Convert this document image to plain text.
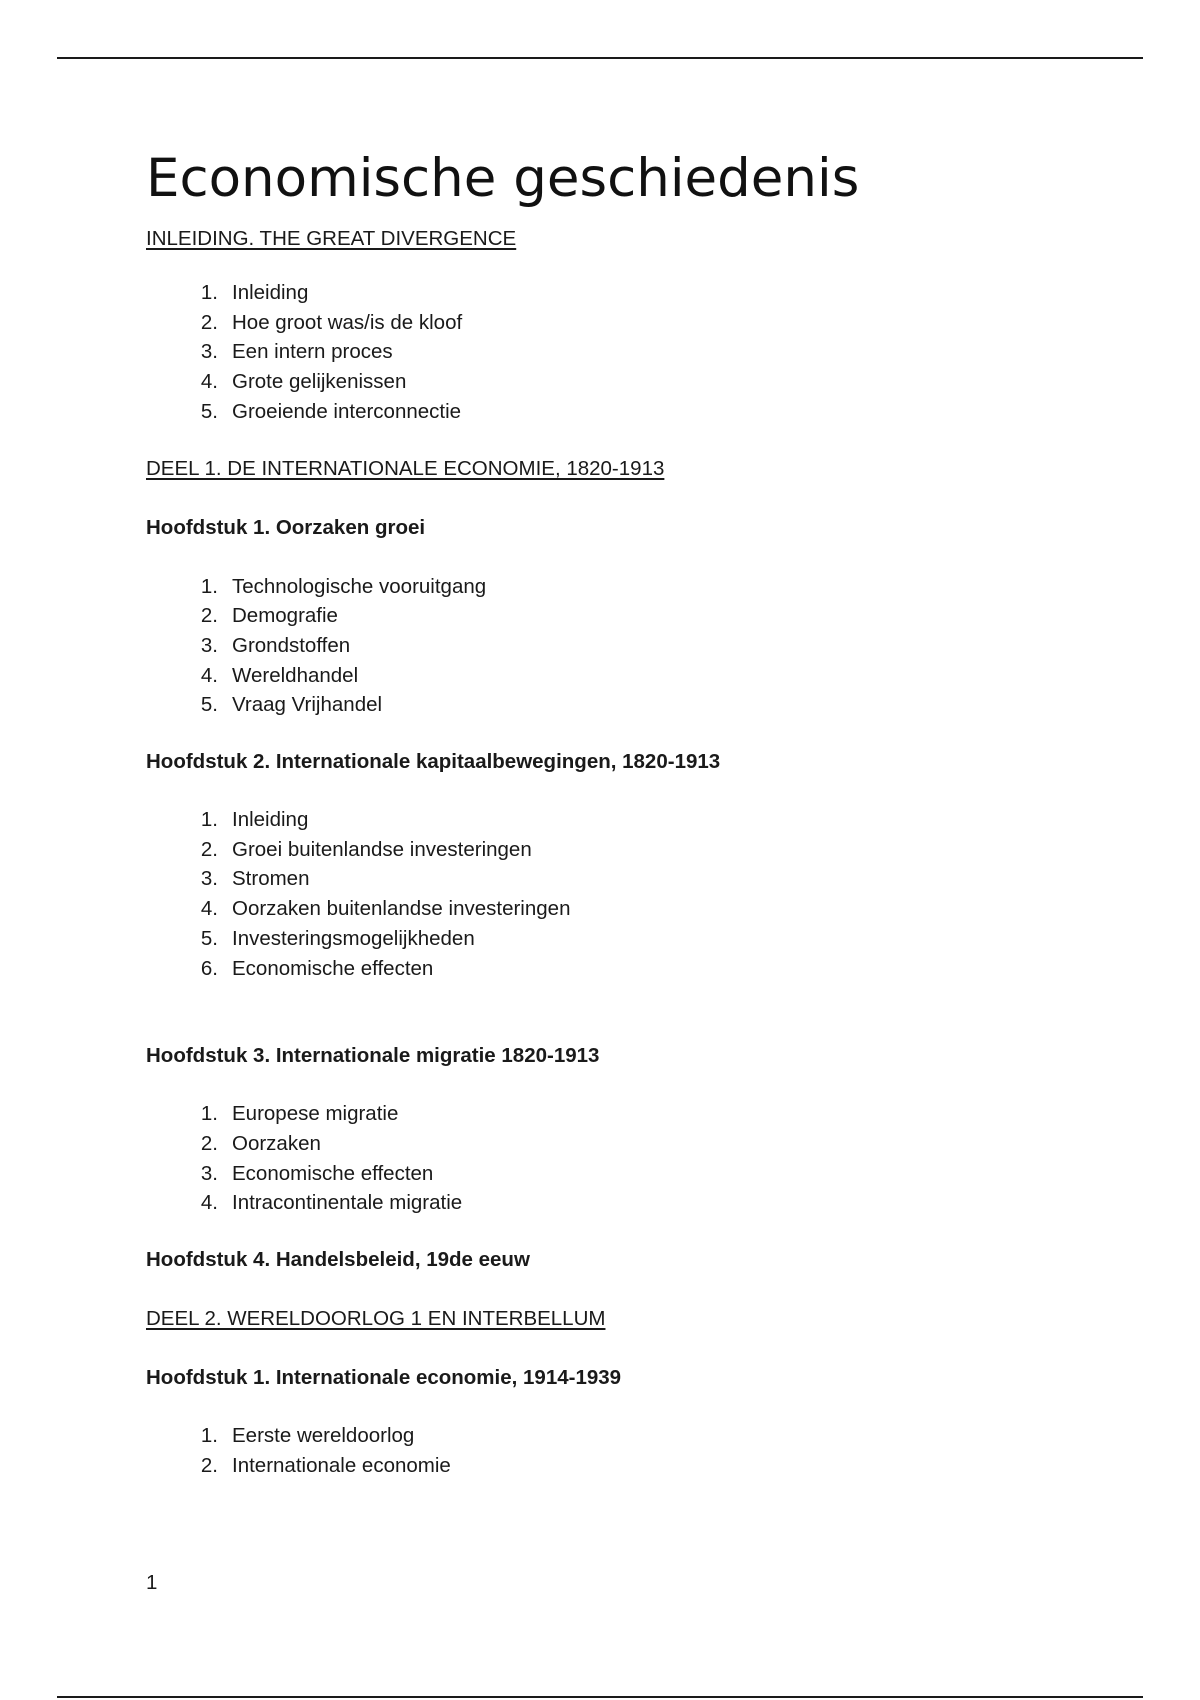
Economische geschiedenis

INLEIDING. THE GREAT DIVERGENCE

1. Inleiding
2. Hoe groot was/is de kloof
3. Een intern proces
4. Grote gelijkenissen
5. Groeiende interconnectie

DEEL 1. DE INTERNATIONALE ECONOMIE, 1820-1913

Hoofdstuk 1. Oorzaken groei

1. Technologische vooruitgang
2. Demografie
3. Grondstoffen
4. Wereldhandel
5. Vraag Vrijhandel

Hoofdstuk 2. Internationale kapitaalbewegingen, 1820-1913

1. Inleiding
2. Groei buitenlandse investeringen
3. Stromen
4. Oorzaken buitenlandse investeringen
5. Investeringsmogelijkheden
6. Economische effecten

Hoofdstuk 3. Internationale migratie 1820-1913

1. Europese migratie
2. Oorzaken
3. Economische effecten
4. Intracontinentale migratie

Hoofdstuk 4. Handelsbeleid, 19de eeuw

DEEL 2. WERELDOORLOG 1 EN INTERBELLUM

Hoofdstuk 1. Internationale economie, 1914-1939

1. Eerste wereldoorlog
2. Internationale economie
1
